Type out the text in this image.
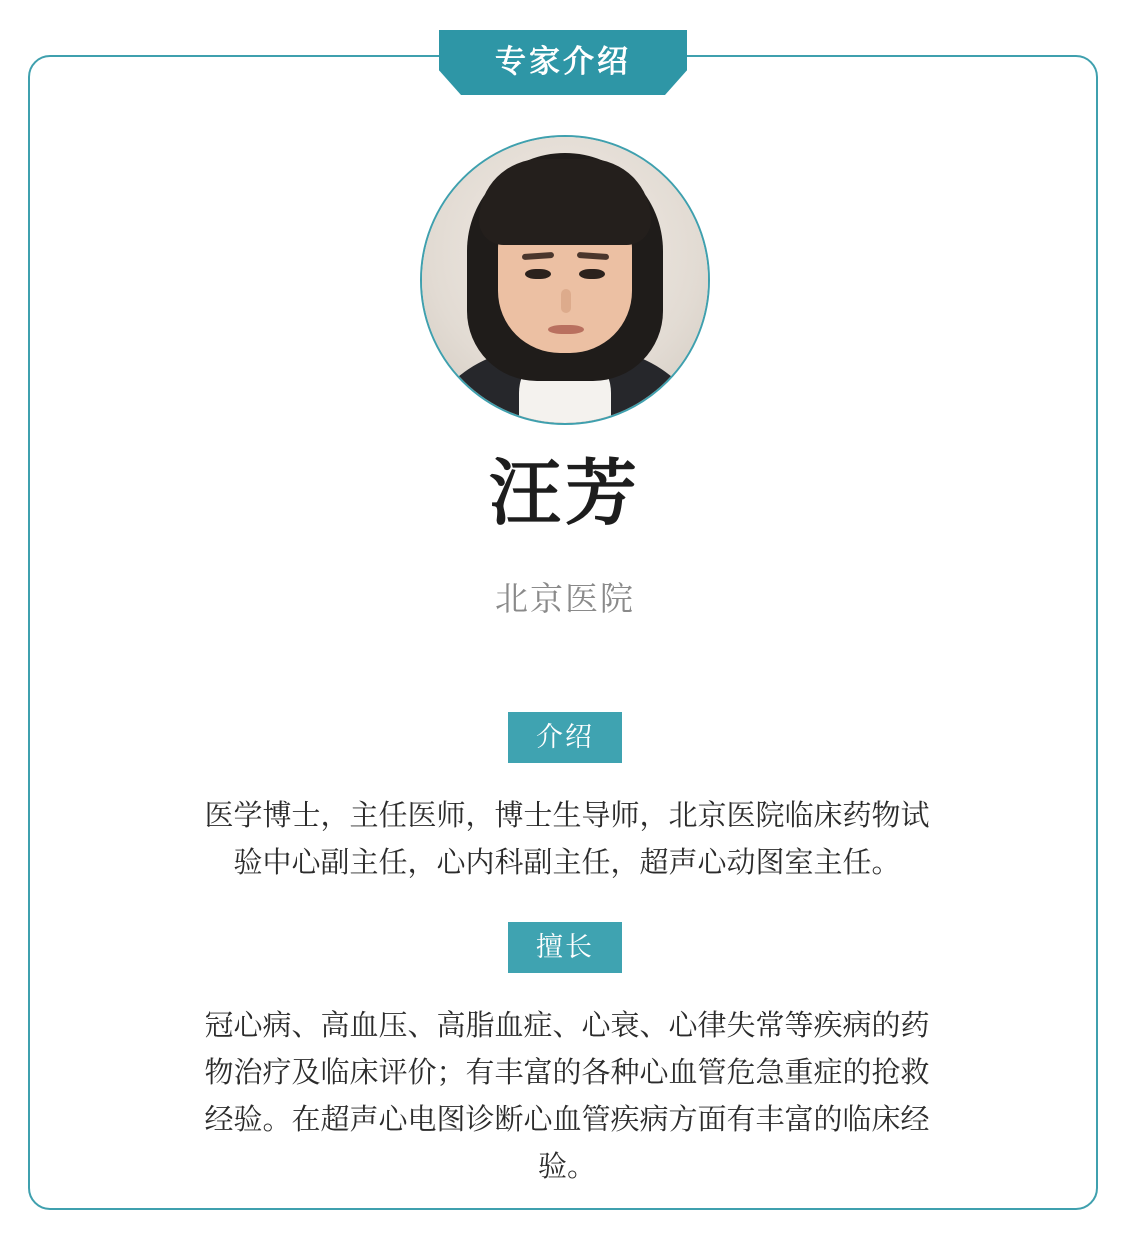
汪芳
北京医院
介绍
医学博士，主任医师，博士生导师，北京医院临床药物试验中心副主任，心内科副主任，超声心动图室主任。
擅长
冠心病、高血压、高脂血症、心衰、心律失常等疾病的药物治疗及临床评价；有丰富的各种心血管危急重症的抢救经验。在超声心电图诊断心血管疾病方面有丰富的临床经验。
专家介绍
